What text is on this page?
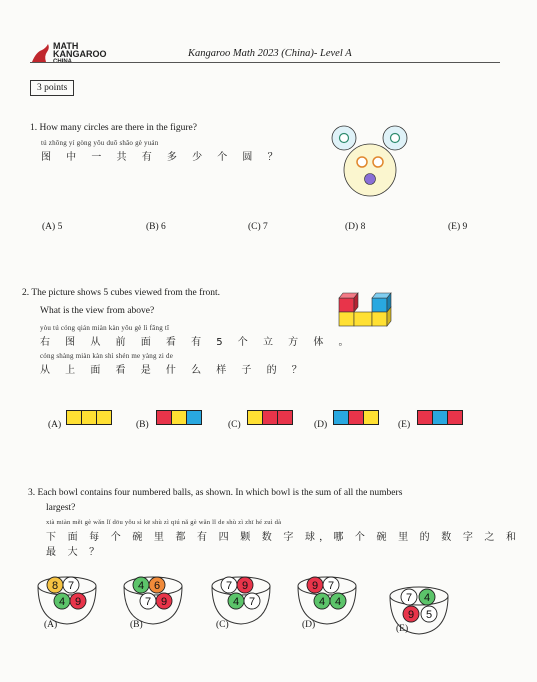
MATH
KANGAROO	Kangaroo Math 2023 (China)- Level A
3 points
1. How many circles are there in the figure?
tú zhōng yí gòng yǒu duō shǎo gè yuán
图 中 一 共 有 多 少 个 圆 ？
(A) 5	(B) 6	(C) 7	(D) 8	(E) 9
2. The picture shows 5 cubes viewed from the front.
What is the view from above?
yòu tú cóng qián miàn kàn yǒu gè lì fāng tǐ
右 图 从 前 面 看 有 5 个 立 方 体 。
cóng shàng miàn kàn shì shén me yàng zi de
从 上 面 看 是 什 么 样 子 的 ？
(A)	(B)	(C)	(D)	(E)
3. Each bowl contains four numbered balls, as shown. In which bowl is the sum of all the numbers
largest?
xià miàn měi gè wǎn lǐ dōu yǒu sì kē shù zì qiú nǎ gè wǎn lǐ de shù zì zhī hé zuì dà
下 面 每 个 碗 里 都 有 四 颗 数 字 球，哪 个 碗 里 的 数 字 之 和 最 大 ？
8 7
4 9
4 6
7 9
7 9
4 7
9 7
4 4	7 4
9 5
(A)	(B)	(C)	(D)	(E)
